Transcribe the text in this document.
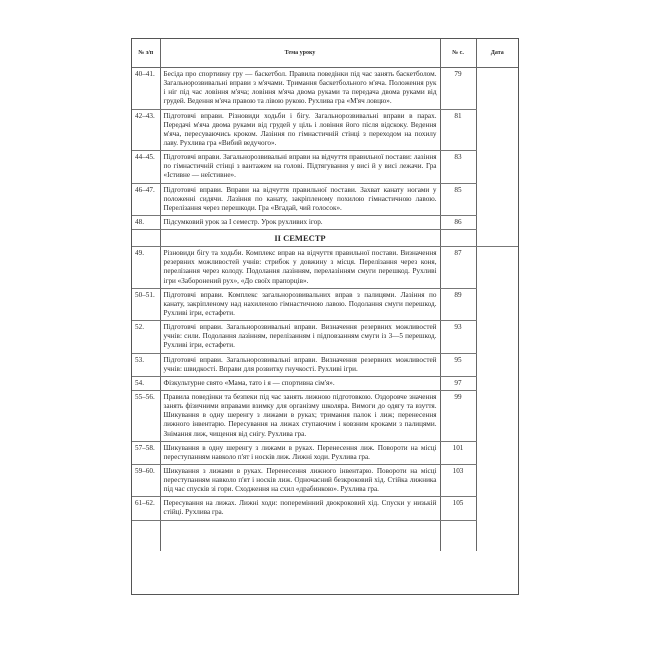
№ з/п	Тема уроку	№ с.	Дата
40–41.	Бесіда про спортивну гру — баскетбол. Правила поведінки під час занять баскетболом. Загальнорозвивальні вправи з м'ячами. Тримання баскетбольного м'яча. Положення рук і ніг під час ловіння м'яча; ловіння м'яча двома руками та передача двома руками від грудей. Ведення м'яча правою та лівою рукою. Рухлива гра «М'яч ловцю».	79	
42–43.	Підготовчі вправи. Різновиди ходьби і бігу. Загальнорозвивальні вправи в парах. Передачі м'яча двома руками від грудей у ціль і ловіння його після відскоку. Ведення м'яча, пересуваючись кроком. Лазіння по гімнастичній стінці з переходом на похилу лаву. Рухлива гра «Вибий ведучого».	81	
44–45.	Підготовчі вправи. Загальнорозвивальні вправи на відчуття правильної постави: лазіння по гімнастичній стінці з вантажем на голові. Підтягування у висі й у висі лежачи. Гра «Істивне — неїстивне».	83	
46–47.	Підготовчі вправи. Вправи на відчуття правильної постави. Захват канату ногами у положенні сидячи. Лазіння по канату, закріпленому похилою гімнастичною лавою. Перелізання через перешкоди. Гра «Вгадай, чий голосок».	85	
48.	Підсумковий урок за I семестр. Урок рухливих ігор.	86	
	II СЕМЕСТР		
49.	Різновиди бігу та ходьби. Комплекс вправ на відчуття правильної постави. Визначення резервних можливостей учнів: стрибок у довжину з місця. Перелізання через коня, перелізання через колоду. Подолання лазінням, перелазінням смуги перешкод. Рухливі ігри «Заборонений рух», «До своїх прапорців».	87	
50–51.	Підготовчі вправи. Комплекс загальнорозвивальних вправ з палицями. Лазіння по канату, закріпленому над нахиленою гімнастичною лавою. Подолання смуги перешкод. Рухливі ігри, естафети.	89	
52.	Підготовчі вправи. Загальнорозвивальні вправи. Визначення резервних можливостей учнів: сили. Подолання лазінням, перелізанням і підповзанням смуги із 3—5 перешкод. Рухливі ігри, естафети.	93	
53.	Підготовчі вправи. Загальнорозвивальні вправи. Визначення резервних можливостей учнів: швидкості. Вправи для розвитку гнучкості. Рухливі ігри.	95	
54.	Фізкультурне свято «Мама, тато і я — спортивна сім'я».	97	
55–56.	Правила поведінки та безпеки під час занять лижною підготовкою. Оздоровче значення занять фізичними вправами взимку для організму школяра. Вимоги до одягу та взуття. Шикування в одну шеренгу з лижами в руках; тримання палок і лиж; перенесення лижного інвентарю. Пересування на лижах ступаючим і ковзним кроками з палицями. Знімання лиж, чищення від снігу. Рухлива гра.	99	
57–58.	Шикування в одну шеренгу з лижами в руках. Перенесення лиж. Повороти на місці переступанням навколо п'ят і носків лиж. Лижні ходи. Рухлива гра.	101	
59–60.	Шикування з лижами в руках. Перенесення лижного інвентарю. Повороти на місці переступанням навколо п'ят і носків лиж. Одночасний безкроковий хід. Стійка лижника під час спусків зі гори. Сходження на схил «драбинкою». Рухлива гра.	103	
61–62.	Пересування на лижах. Лижні ходи: поперемінний двокроковий хід. Спуски у низькій стійці. Рухлива гра.	105	
